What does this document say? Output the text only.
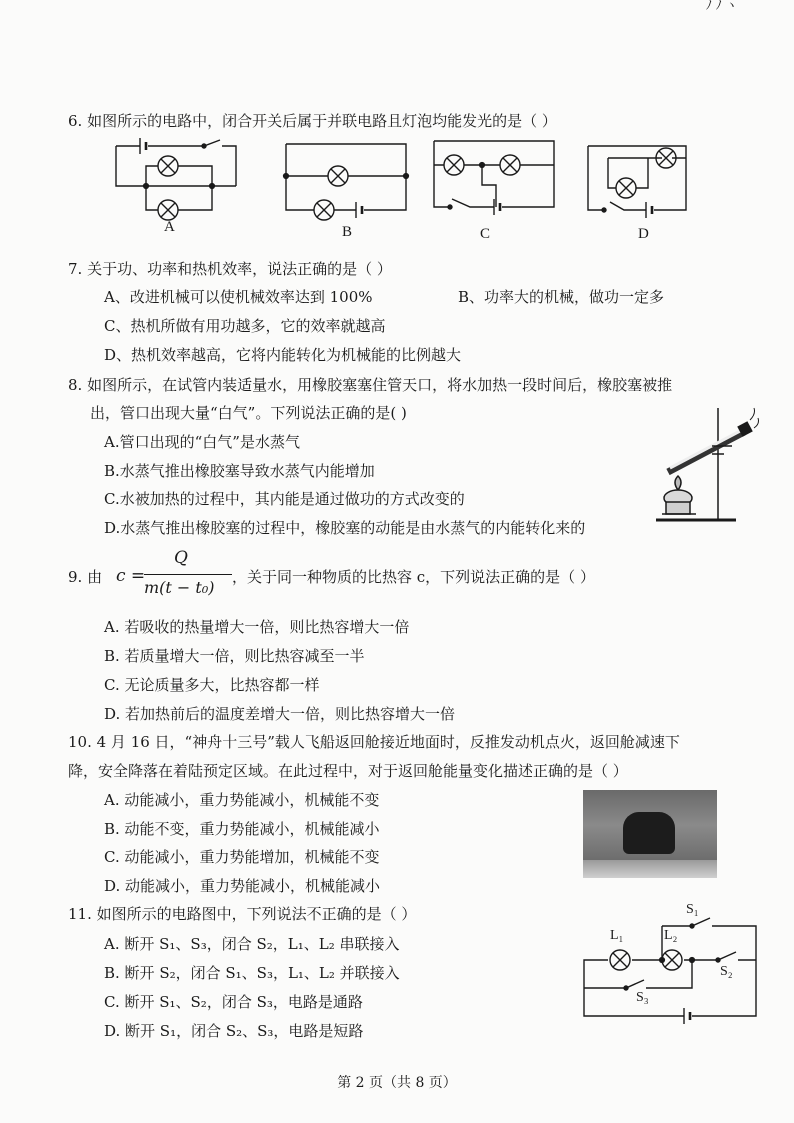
ﾉ ﾉ ヽ
6. 如图所示的电路中，闭合开关后属于并联电路且灯泡均能发光的是（ ）
A	B	C	D
7. 关于功、功率和热机效率，说法正确的是（ ）
A、改进机械可以使机械效率达到 100%	B、功率大的机械，做功一定多
C、热机所做有用功越多，它的效率就越高
D、热机效率越高，它将内能转化为机械能的比例越大
8. 如图所示，在试管内装适量水，用橡胶塞塞住管天口，将水加热一段时间后，橡胶塞被推
出，管口出现大量“白气”。下列说法正确的是( )
A.管口出现的“白气”是水蒸气
B.水蒸气推出橡胶塞导致水蒸气内能增加
C.水被加热的过程中，其内能是通过做功的方式改变的
D.水蒸气推出橡胶塞的过程中，橡胶塞的动能是由水蒸气的内能转化来的
9. 由 c =
Q
m(t − t₀)
，关于同一种物质的比热容 c，下列说法正确的是（ ）
A. 若吸收的热量增大一倍，则比热容增大一倍
B. 若质量增大一倍，则比热容减至一半
C. 无论质量多大，比热容都一样
D. 若加热前后的温度差增大一倍，则比热容增大一倍
10. 4 月 16 日，“神舟十三号”载人飞船返回舱接近地面时，反推发动机点火，返回舱减速下
降，安全降落在着陆预定区域。在此过程中，对于返回舱能量变化描述正确的是（ ）
A. 动能减小，重力势能减小，机械能不变
B. 动能不变，重力势能减小，机械能减小
C. 动能减小，重力势能增加，机械能不变
D. 动能减小，重力势能减小，机械能减小
11. 如图所示的电路图中，下列说法不正确的是（ ）
A. 断开 S₁、S₃，闭合 S₂，L₁、L₂ 串联接入
B. 断开 S₂，闭合 S₁、S₃，L₁、L₂ 并联接入
C. 断开 S₁、S₂，闭合 S₃，电路是通路
D. 断开 S₁，闭合 S₂、S₃，电路是短路
S₁
L₁	L₂
S₂
S₃
第 2 页（共 8 页）
